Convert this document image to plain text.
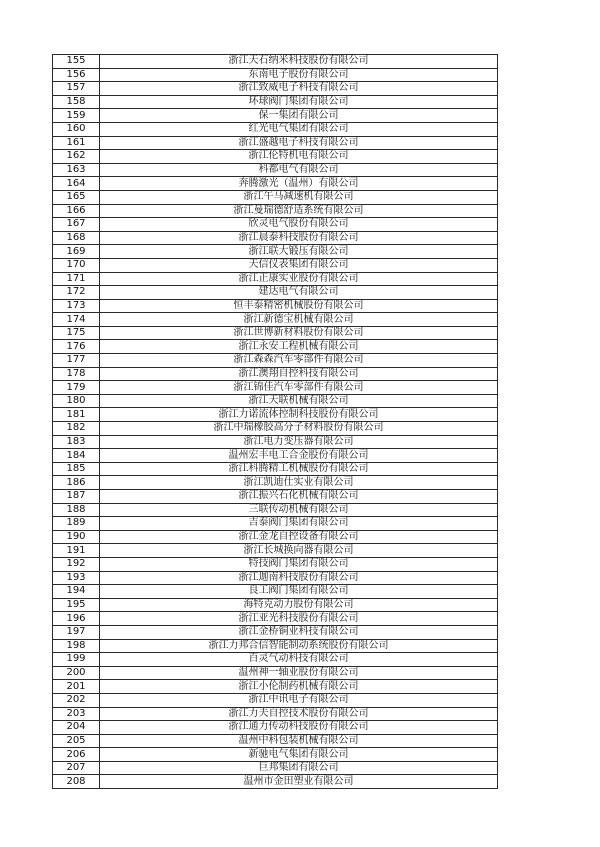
155	浙江天石纳米科技股份有限公司
156	东南电子股份有限公司
157	浙江致威电子科技有限公司
158	环球阀门集团有限公司
159	保一集团有限公司
160	红光电气集团有限公司
161	浙江盛越电子科技有限公司
162	浙江伦特机电有限公司
163	科都电气有限公司
164	奔腾激光（温州）有限公司
165	浙江午马减速机有限公司
166	浙江曼瑞德舒适系统有限公司
167	欣灵电气股份有限公司
168	浙江晨泰科技股份有限公司
169	浙江联大锻压有限公司
170	天信仪表集团有限公司
171	浙江正康实业股份有限公司
172	建达电气有限公司
173	恒丰泰精密机械股份有限公司
174	浙江新德宝机械有限公司
175	浙江世博新材料股份有限公司
176	浙江永安工程机械有限公司
177	浙江森森汽车零部件有限公司
178	浙江澳翔自控科技有限公司
179	浙江锦佳汽车零部件有限公司
180	浙江天联机械有限公司
181	浙江力诺流体控制科技股份有限公司
182	浙江中瑞橡胶高分子材料股份有限公司
183	浙江电力变压器有限公司
184	温州宏丰电工合金股份有限公司
185	浙江科腾精工机械股份有限公司
186	浙江凯迪仕实业有限公司
187	浙江振兴石化机械有限公司
188	三联传动机械有限公司
189	吉泰阀门集团有限公司
190	浙江金龙自控设备有限公司
191	浙江长城换向器有限公司
192	特技阀门集团有限公司
193	浙江迦南科技股份有限公司
194	良工阀门集团有限公司
195	海特克动力股份有限公司
196	浙江亚光科技股份有限公司
197	浙江金桥铜业科技有限公司
198	浙江力邦合信智能制动系统股份有限公司
199	百灵气动科技有限公司
200	温州神一轴业股份有限公司
201	浙江小伦制药机械有限公司
202	浙江中讯电子有限公司
203	浙江力夫自控技术股份有限公司
204	浙江通力传动科技股份有限公司
205	温州中科包装机械有限公司
206	新驰电气集团有限公司
207	巨邦集团有限公司
208	温州市金田塑业有限公司
